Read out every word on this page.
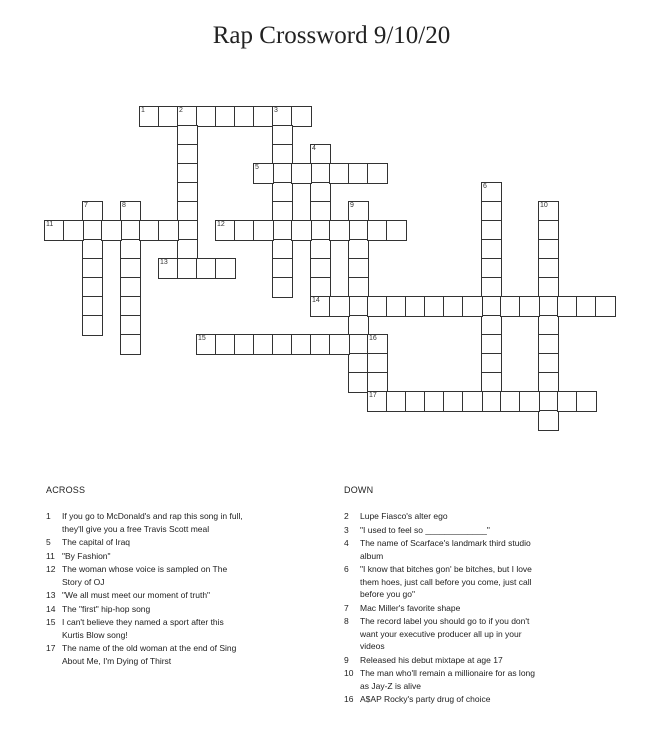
Rap Crossword 9/10/20
1	2	3
4
14
5
6
7	8	9	10
11	12
13
15	16
17
ACROSS	DOWN
1 If you go to McDonald's and rap this song in full, they'll give you a free Travis Scott meal
5 The capital of Iraq
11 "By Fashion"
12 The woman whose voice is sampled on The Story of OJ
13 "We all must meet our moment of truth"
14 The "first" hip-hop song
15 I can't believe they named a sport after this Kurtis Blow song!
17 The name of the old woman at the end of Sing About Me, I'm Dying of Thirst
2 Lupe Fiasco's alter ego
3 "I used to feel so _____________"
4 The name of Scarface's landmark third studio album
6 "I know that bitches gon' be bitches, but I love them hoes, just call before you come, just call before you go"
7 Mac Miller's favorite shape
8 The record label you should go to if you don't want your executive producer all up in your videos
9 Released his debut mixtape at age 17
10 The man who'll remain a millionaire for as long as Jay-Z is alive
16 A$AP Rocky's party drug of choice
